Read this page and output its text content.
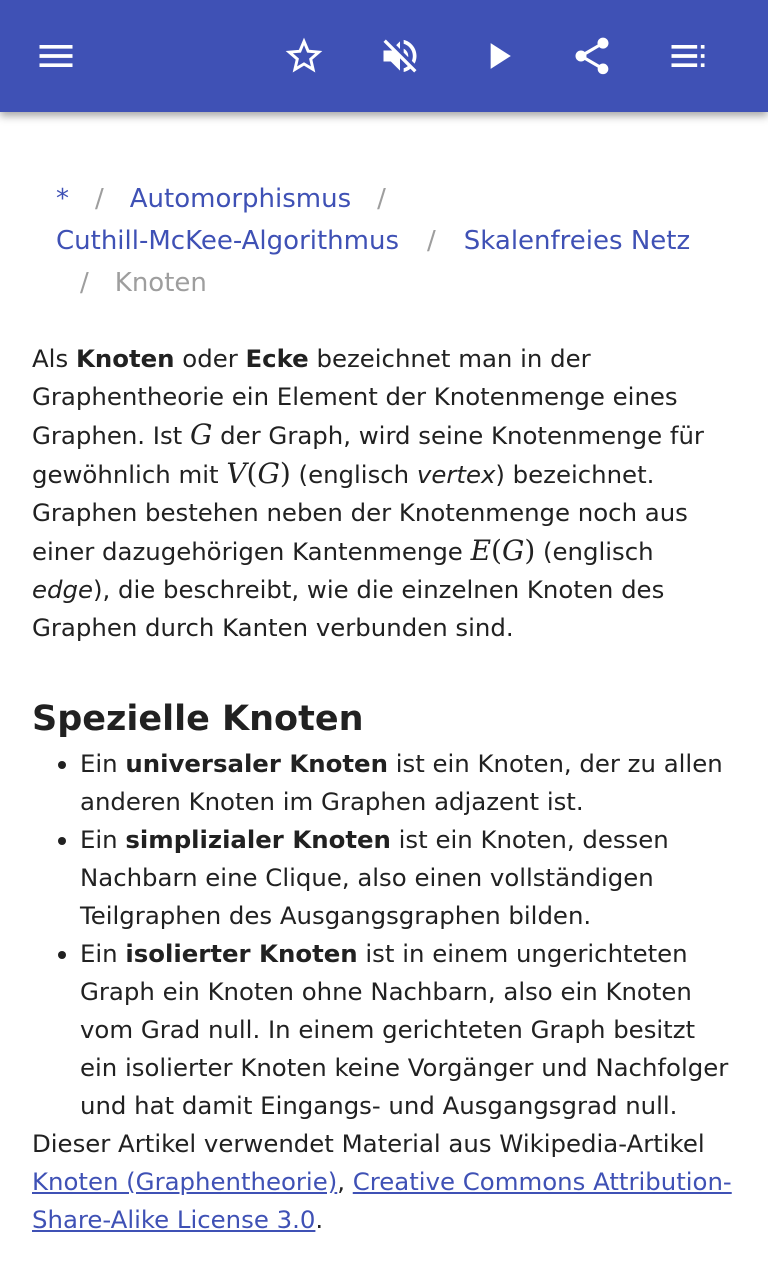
* / Automorphismus /
Cuthill-McKee-Algorithmus / Skalenfreies Netz
/ Knoten

Als Knoten oder Ecke bezeichnet man in der Graphentheorie ein Element der Knotenmenge eines Graphen. Ist G der Graph, wird seine Knotenmenge für gewöhnlich mit V(G) (englisch vertex) bezeichnet. Graphen bestehen neben der Knotenmenge noch aus einer dazugehörigen Kantenmenge E(G) (englisch edge), die beschreibt, wie die einzelnen Knoten des Graphen durch Kanten verbunden sind.

Spezielle Knoten
• Ein universaler Knoten ist ein Knoten, der zu allen anderen Knoten im Graphen adjazent ist.
• Ein simplizialer Knoten ist ein Knoten, dessen Nachbarn eine Clique, also einen vollständigen Teilgraphen des Ausgangsgraphen bilden.
• Ein isolierter Knoten ist in einem ungerichteten Graph ein Knoten ohne Nachbarn, also ein Knoten vom Grad null. In einem gerichteten Graph besitzt ein isolierter Knoten keine Vorgänger und Nachfolger und hat damit Eingangs- und Ausgangsgrad null.

Dieser Artikel verwendet Material aus Wikipedia-Artikel Knoten (Graphentheorie), Creative Commons Attribution-Share-Alike License 3.0.
